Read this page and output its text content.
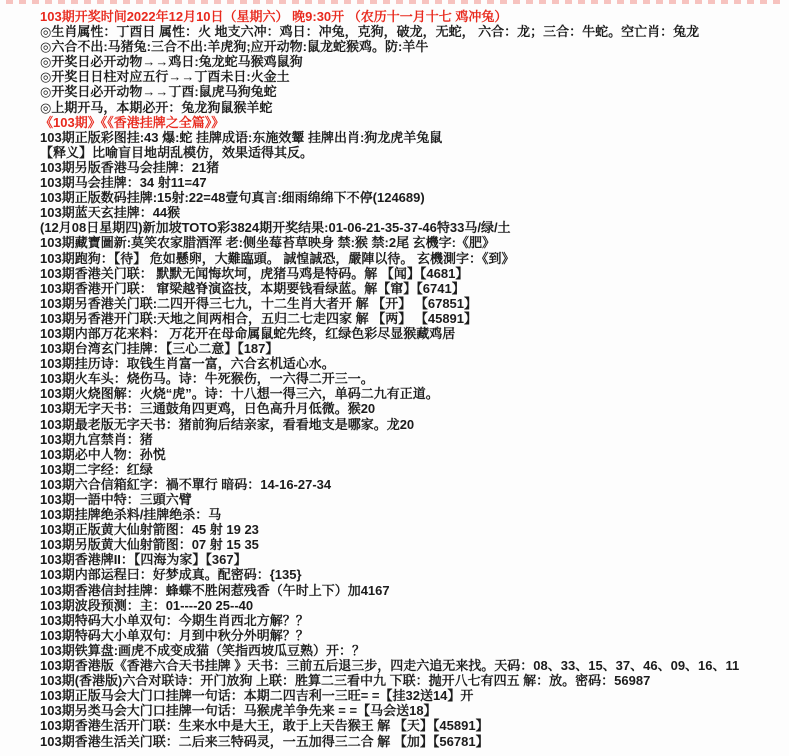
103期开奖时间2022年12月10日（星期六） 晚9:30开 （农历十一月十七 鸡冲兔）
◎生肖属性：丁酉日 属性：火 地支六冲：鸡日：冲兔，克狗，破龙，无蛇， 六合：龙；三合：牛蛇。空亡肖：兔龙
◎六合不出:马猪兔:三合不出:羊虎狗;应开动物:鼠龙蛇猴鸡。防:羊牛
◎开奖日必开动物→→鸡日:兔龙蛇马猴鸡鼠狗
◎开奖日日柱对应五行→→丁酉未日:火金土
◎开奖日必开动物→→丁酉:鼠虎马狗兔蛇
◎上期开马，本期必开：兔龙狗鼠猴羊蛇
《103期》《《香港挂牌之全篇》》
103期正版彩图挂:43 爆:蛇 挂牌成语:东施效颦 挂牌出肖:狗龙虎羊兔鼠
【释义】比喻盲目地胡乱模仿，效果适得其反。
103期另版香港马会挂牌：21猪
103期马会挂牌：34 射11=47
103期正版数码挂牌:15射:22=48壹句真言:细雨绵绵下不停(124689)
103期蓝天玄挂牌：44猴
(12月08日星期四)新加坡TOTO彩3824期开奖结果:01-06-21-35-37-46特33马/绿/土
103期藏寶圖新:莫笑农家腊酒浑 老:侧坐莓苔草映身 禁:猴 禁:2尾 玄機字:《肥》
103期跑狗：【待】 危如懸卵，大難臨頭。 誠惶誠恐，嚴陣以待。 玄機測字：《到》
103期香港关门联： 默默无闻悔坎坷，虎猪马鸡是特码。解 【闻】【4681】
103期香港开门联： 窜梁越脊演盗技，本期要钱看绿蓝。解【窜】【6741】
103期另香港关门联:二四开得三七九，十二生肖大者开 解 【开】 【67851】
103期另香港开门联:天地之间两相合，五归二七走四家 解 【两】 【45891】
103期内部万花来料： 万花开在母命属鼠蛇先终，红绿色彩尽显猴藏鸡居
103期台湾玄门挂牌：【三心二意】【187】
103期挂历诗：取钱生肖富一富，六合玄机适心水。
103期火车头：烧伤马。诗：牛死猴伤，一六得二开三一。
103期火烧图解：火烧“虎”。诗：十八想一得三六，单码二九有正道。
103期无字天书：三通鼓角四更鸡，日色高升月低微。猴20
103期最老版无字天书：猪前狗后结亲家，看看地支是哪家。龙20
103期九宫禁肖：猪
103期必中人物：孙悦
103期二字经：红绿
103期六合信箱紅字：禍不單行 暗码：14-16-27-34
103期一語中特：三頭六臂
103期挂牌绝杀料/挂牌绝杀：马
103期正版黄大仙射箭图：45 射 19 23
103期另版黄大仙射箭图：07 射 15 35
103期香港牌II：【四海为家】【367】
103期内部运程曰：好梦成真。配密码：{135}
103期香港信封挂牌：蜂蝶不胜闲惹残香（午时上下）加4167
103期波段预测：主：01----20 25--40
103期特码大小单双句：今期生肖西北方解？？
103期特码大小单双句：月到中秋分外明解？？
103期铁算盘:画虎不成变成猫（笑指西坡瓜豆熟）开：？
103期香港版《香港六合天书挂牌 》天书：三前五后退三步，四走六追无来找。天码：08、33、15、37、46、09、16、11
103期(香港版)六合对联诗：开门放狗 上联：胜算二三看中九 下联：抛开八七有四五 解：放。密码：56987
103期正版马会大门口挂牌一句话：本期二四吉利一三旺= =【挂32送14】开
103期另类马会大门口挂牌一句话：马猴虎羊争先来 = =【马会送18】
103期香港生活开门联：生来水中是大王，敢于上天告猴王 解 【天】【45891】
103期香港生活关门联：二后来三特码灵，一五加得三二合 解 【加】【56781】
